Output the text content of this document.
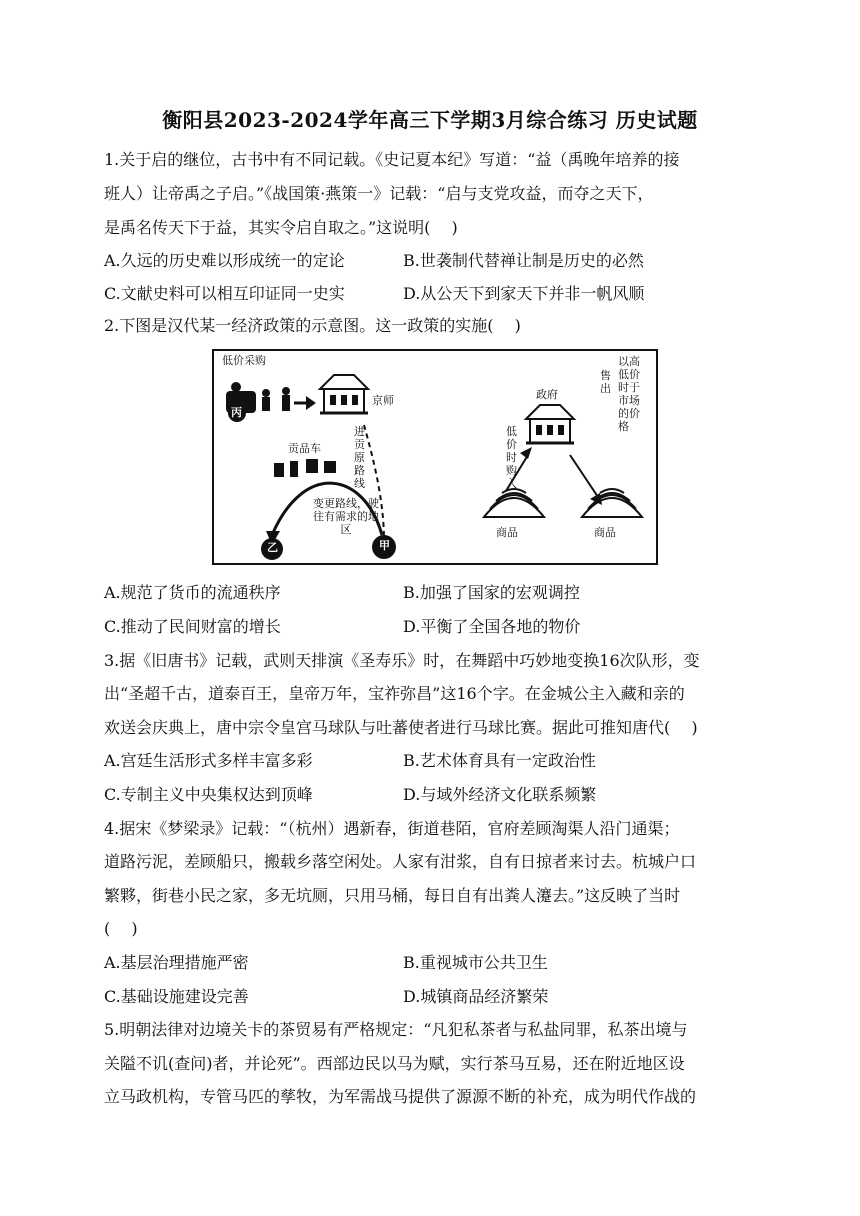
衡阳县2023-2024学年高三下学期3月综合练习 历史试题
1.关于启的继位，古书中有不同记载。《史记夏本纪》写道：“益（禹晚年培养的接
班人）让帝禹之子启。”《战国策·燕策一》记载：“启与支党攻益，而夺之天下，
是禹名传天下于益，其实令启自取之。”这说明(　 )
A.久远的历史难以形成统一的定论	B.世袭制代替禅让制是历史的必然
C.文献史料可以相互印证同一史实	D.从公天下到家天下并非一帆风顺
2.下图是汉代某一经济政策的示意图。这一政策的实施(　 )
低价采购
京师
贡品车
进贡原路线
变更路线，驶往有需求的地区
乙	甲
丙
政府
低价时购入
售出
以高低价时于市场的价格
商品	商品
A.规范了货币的流通秩序	B.加强了国家的宏观调控
C.推动了民间财富的增长	D.平衡了全国各地的物价
3.据《旧唐书》记载，武则天排演《圣寿乐》时，在舞蹈中巧妙地变换16次队形，变
出“圣超千古，道泰百王，皇帝万年，宝祚弥昌”这16个字。在金城公主入藏和亲的
欢送会庆典上，唐中宗令皇宫马球队与吐蕃使者进行马球比赛。据此可推知唐代(　 )
A.宫廷生活形式多样丰富多彩	B.艺术体育具有一定政治性
C.专制主义中央集权达到顶峰	D.与域外经济文化联系频繁
4.据宋《梦梁录》记载：“（杭州）遇新春，街道巷陌，官府差顾淘渠人沿门通渠；
道路污泥，差顾船只，搬载乡落空闲处。人家有泔浆，自有日掠者来讨去。杭城户口
繁夥，街巷小民之家，多无坑厕，只用马桶，每日自有出粪人瀽去。”这反映了当时
(　 )
A.基层治理措施严密	B.重视城市公共卫生
C.基础设施建设完善	D.城镇商品经济繁荣
5.明朝法律对边境关卡的茶贸易有严格规定：“凡犯私茶者与私盐同罪，私茶出境与
关隘不讥(查问)者，并论死”。西部边民以马为赋，实行茶马互易，还在附近地区设
立马政机构，专管马匹的孳牧，为军需战马提供了源源不断的补充，成为明代作战的
